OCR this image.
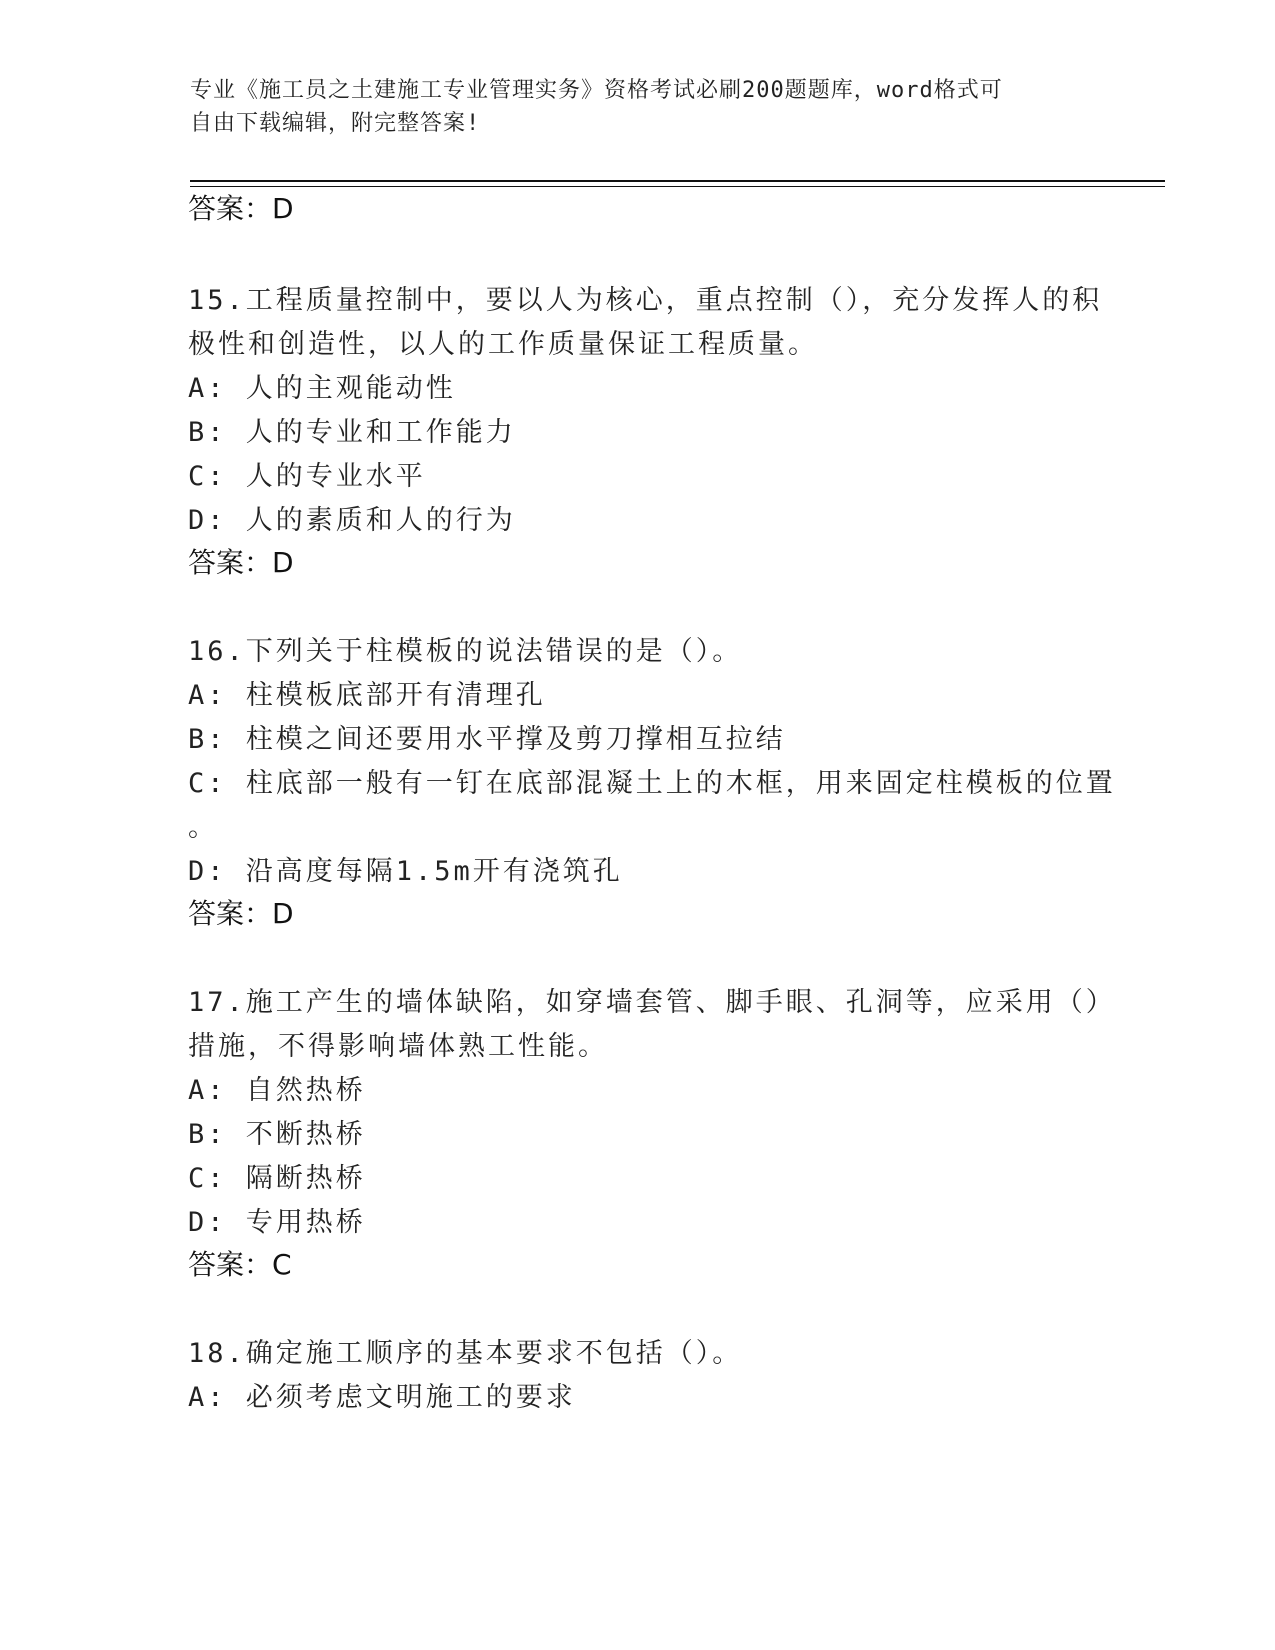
专业《施工员之土建施工专业管理实务》资格考试必刷200题题库，word格式可
自由下载编辑，附完整答案!
答案：D
15.工程质量控制中，要以人为核心，重点控制（），充分发挥人的积
极性和创造性，以人的工作质量保证工程质量。
A: 人的主观能动性
B: 人的专业和工作能力
C: 人的专业水平
D: 人的素质和人的行为
答案：D
16.下列关于柱模板的说法错误的是（）。
A: 柱模板底部开有清理孔
B: 柱模之间还要用水平撑及剪刀撑相互拉结
C: 柱底部一般有一钉在底部混凝土上的木框，用来固定柱模板的位置
。
D: 沿高度每隔1.5m开有浇筑孔
答案：D
17.施工产生的墙体缺陷，如穿墙套管、脚手眼、孔洞等，应采用（）
措施，不得影响墙体熟工性能。
A: 自然热桥
B: 不断热桥
C: 隔断热桥
D: 专用热桥
答案：C
18.确定施工顺序的基本要求不包括（）。
A: 必须考虑文明施工的要求
